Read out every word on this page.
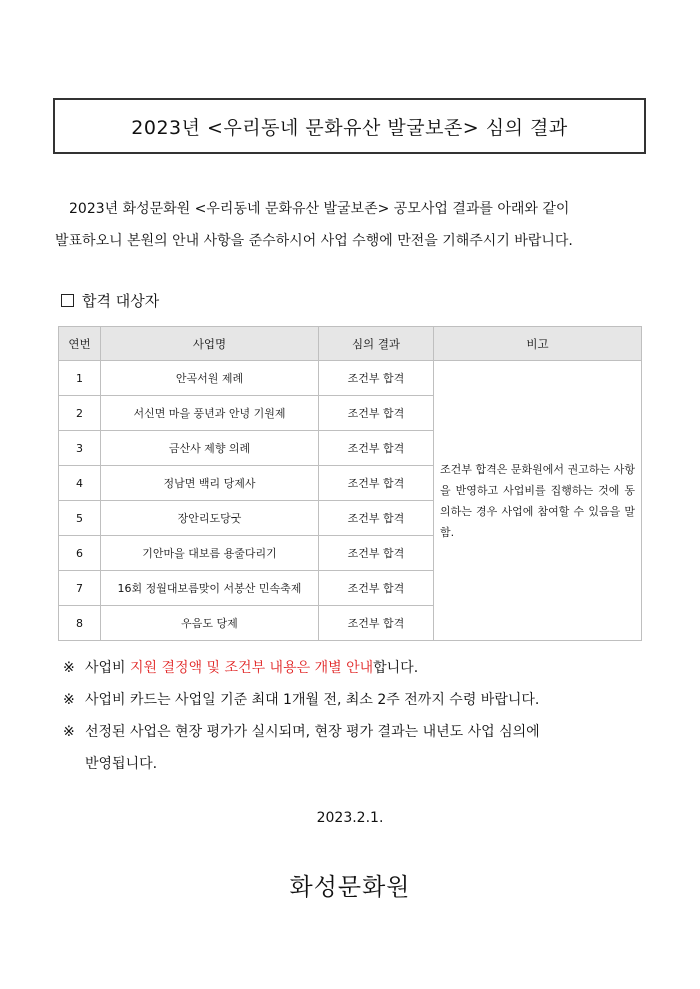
2023년 <우리동네 문화유산 발굴보존> 심의 결과
2023년 화성문화원 <우리동네 문화유산 발굴보존> 공모사업 결과를 아래와 같이
발표하오니 본원의 안내 사항을 준수하시어 사업 수행에 만전을 기해주시기 바랍니다.
합격 대상자
연번	사업명	심의 결과	비고
1	안곡서원 제례	조건부 합격	조건부 합격은 문화원에서 권고하는 사항을 반영하고 사업비를 집행하는 것에 동의하는 경우 사업에 참여할 수 있음을 말함.
2	서신면 마을 풍년과 안녕 기원제	조건부 합격	
3	금산사 제향 의례	조건부 합격	
4	정남면 백리 당제사	조건부 합격	
5	장안리도당굿	조건부 합격	
6	기안마을 대보름 용줄다리기	조건부 합격	
7	16회 정월대보름맞이 서봉산 민속축제	조건부 합격	
8	우음도 당제	조건부 합격	
※ 사업비 지원 결정액 및 조건부 내용은 개별 안내합니다.
※ 사업비 카드는 사업일 기준 최대 1개월 전, 최소 2주 전까지 수령 바랍니다.
※ 선정된 사업은 현장 평가가 실시되며, 현장 평가 결과는 내년도 사업 심의에
반영됩니다.
2023.2.1.
화성문화원
